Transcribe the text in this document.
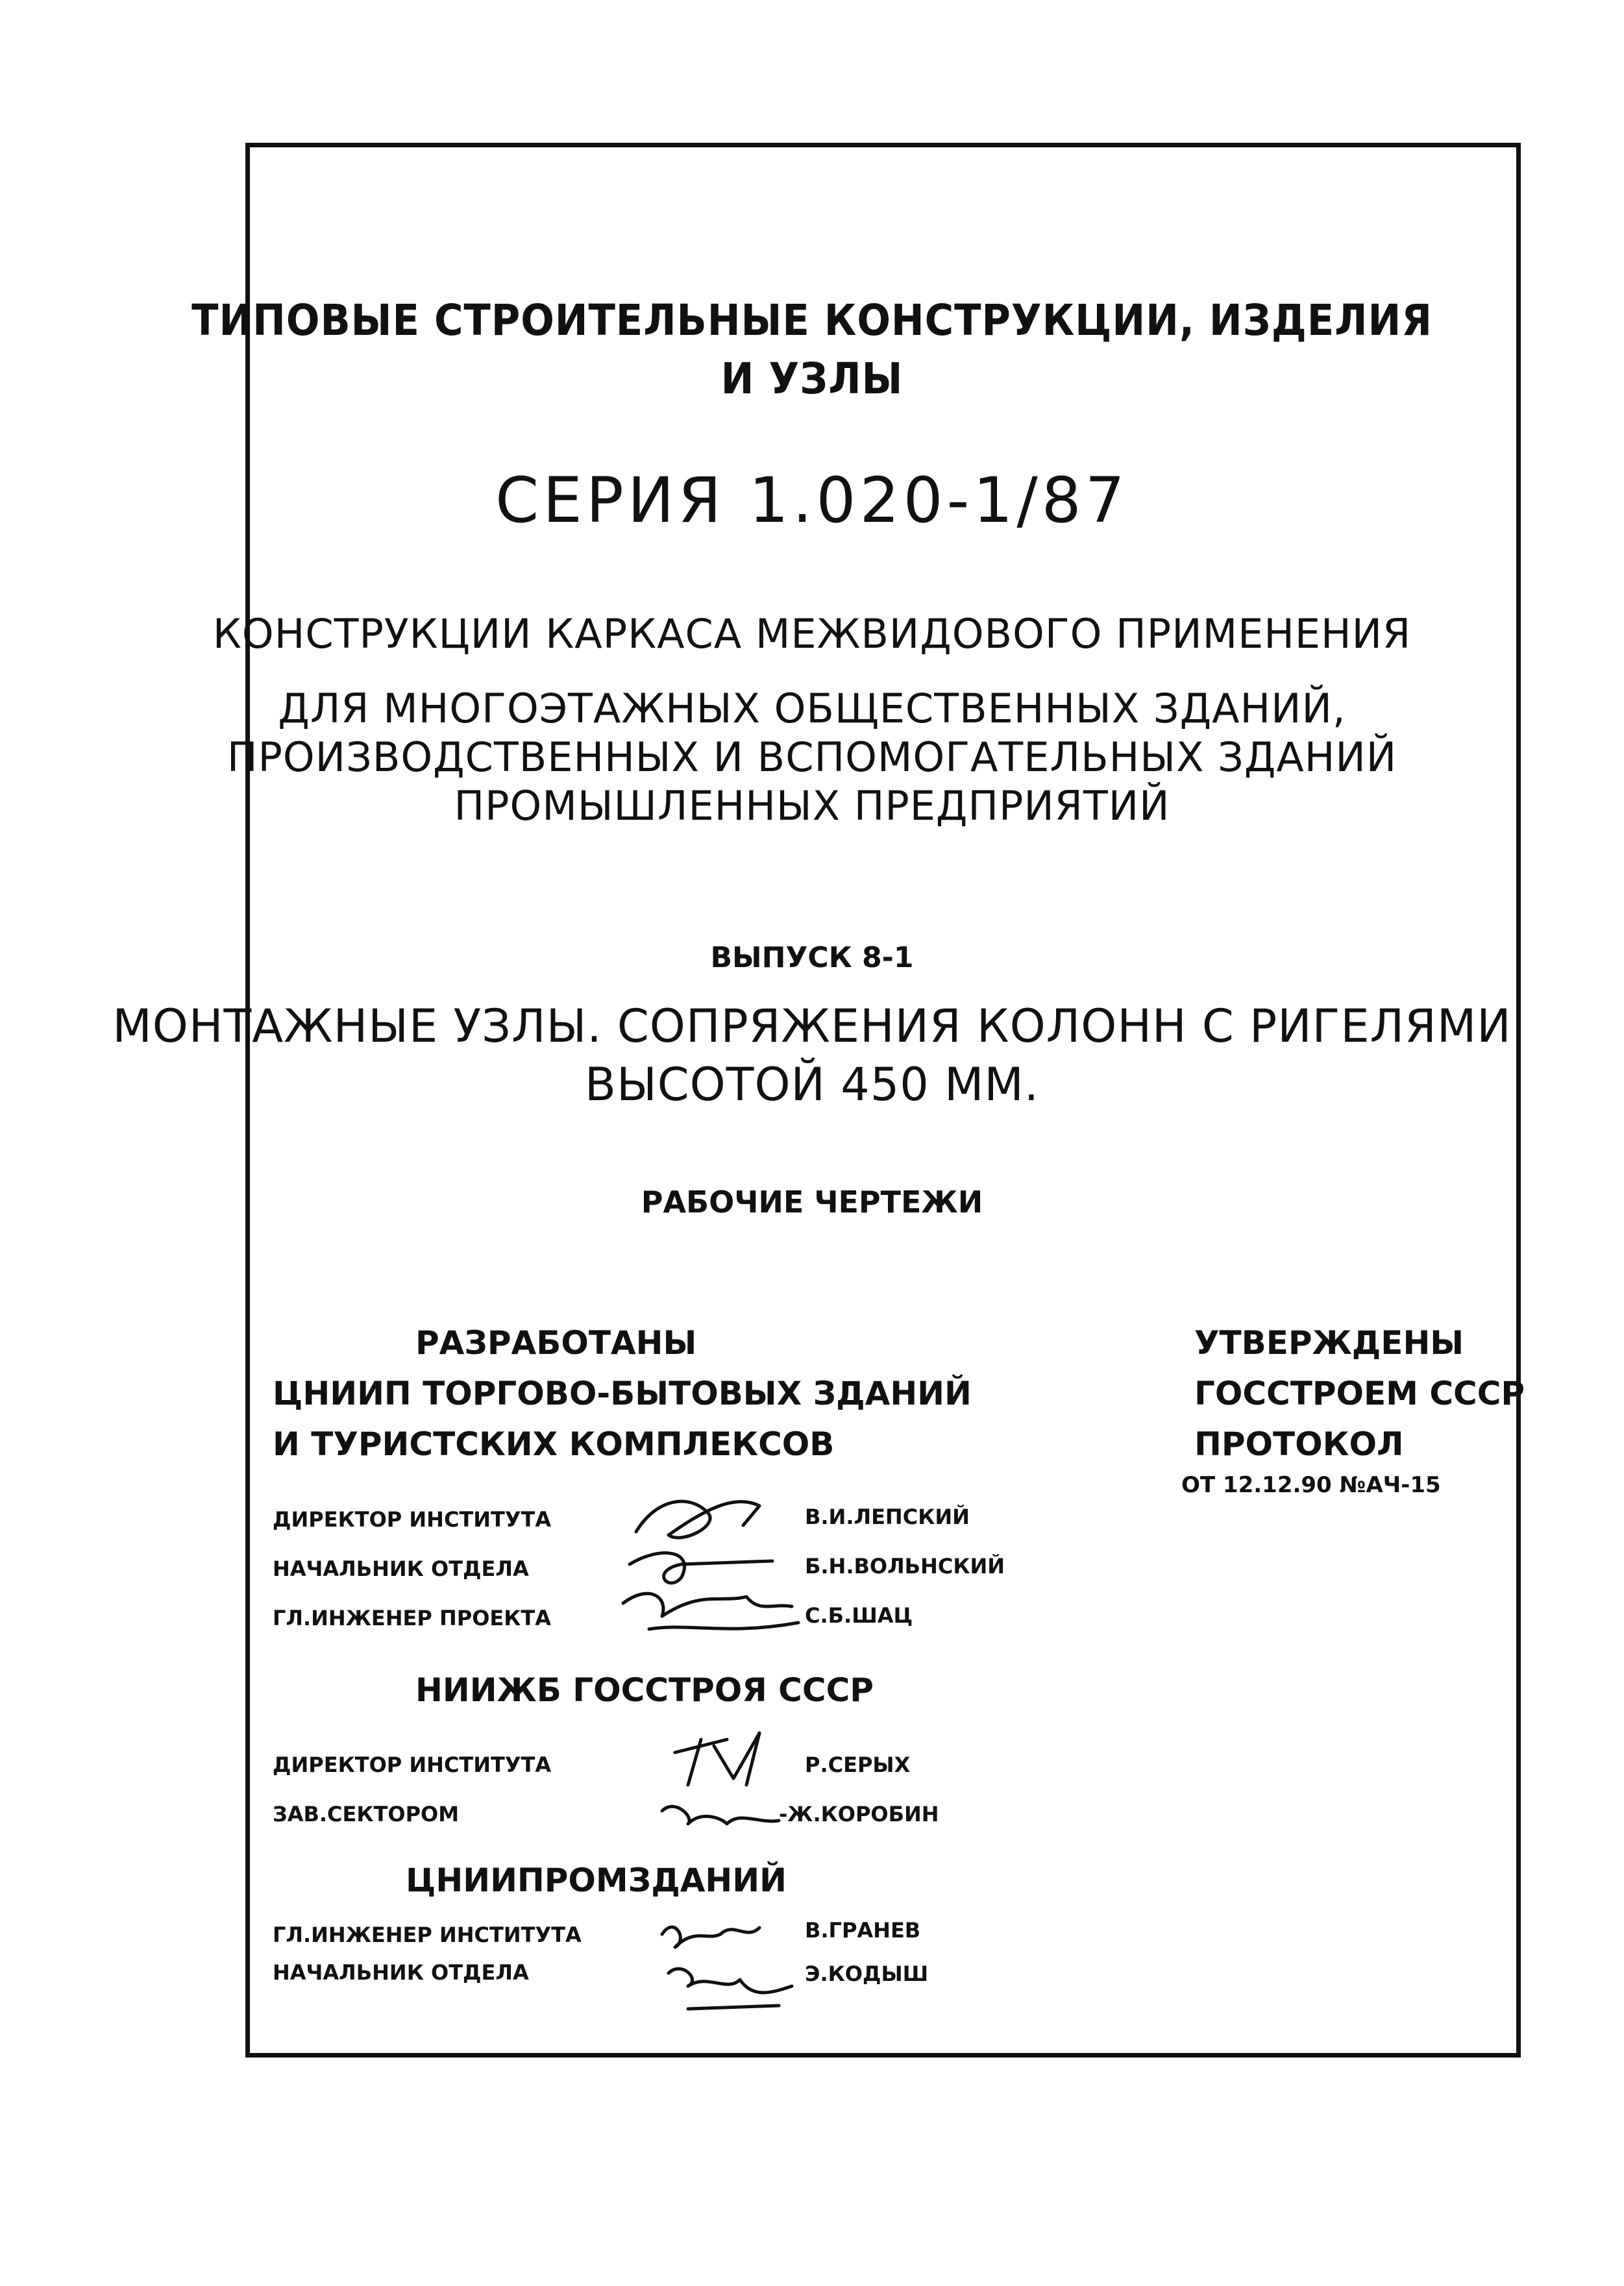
ТИПОВЫЕ СТРОИТЕЛЬНЫЕ КОНСТРУКЦИИ, ИЗДЕЛИЯ
И УЗЛЫ
СЕРИЯ 1.020-1/87
КОНСТРУКЦИИ КАРКАСА МЕЖВИДОВОГО ПРИМЕНЕНИЯ
ДЛЯ МНОГОЭТАЖНЫХ ОБЩЕСТВЕННЫХ ЗДАНИЙ,
ПРОИЗВОДСТВЕННЫХ И ВСПОМОГАТЕЛЬНЫХ ЗДАНИЙ
ПРОМЫШЛЕННЫХ ПРЕДПРИЯТИЙ
ВЫПУСК 8-1
МОНТАЖНЫЕ УЗЛЫ. СОПРЯЖЕНИЯ КОЛОНН С РИГЕЛЯМИ
ВЫСОТОЙ 450 ММ.
РАБОЧИЕ ЧЕРТЕЖИ
РАЗРАБОТАНЫ
ЦНИИП ТОРГОВО-БЫТОВЫХ ЗДАНИЙ
И ТУРИСТСКИХ КОМПЛЕКСОВ
УТВЕРЖДЕНЫ
ГОССТРОЕМ СССР
ПРОТОКОЛ
ОТ 12.12.90 №АЧ-15
ДИРЕКТОР ИНСТИТУТА	В.И.ЛЕПСКИЙ
НАЧАЛЬНИК ОТДЕЛА	Б.Н.ВОЛЬНСКИЙ
ГЛ.ИНЖЕНЕР ПРОЕКТА	С.Б.ШАЦ
НИИЖБ ГОССТРОЯ СССР
ДИРЕКТОР ИНСТИТУТА	Р.СЕРЫХ
ЗАВ.СЕКТОРОМ	-Ж.КОРОБИН
ЦНИИПРОМЗДАНИЙ
ГЛ.ИНЖЕНЕР ИНСТИТУТА	В.ГРАНЕВ
НАЧАЛЬНИК ОТДЕЛА	Э.КОДЫШ
